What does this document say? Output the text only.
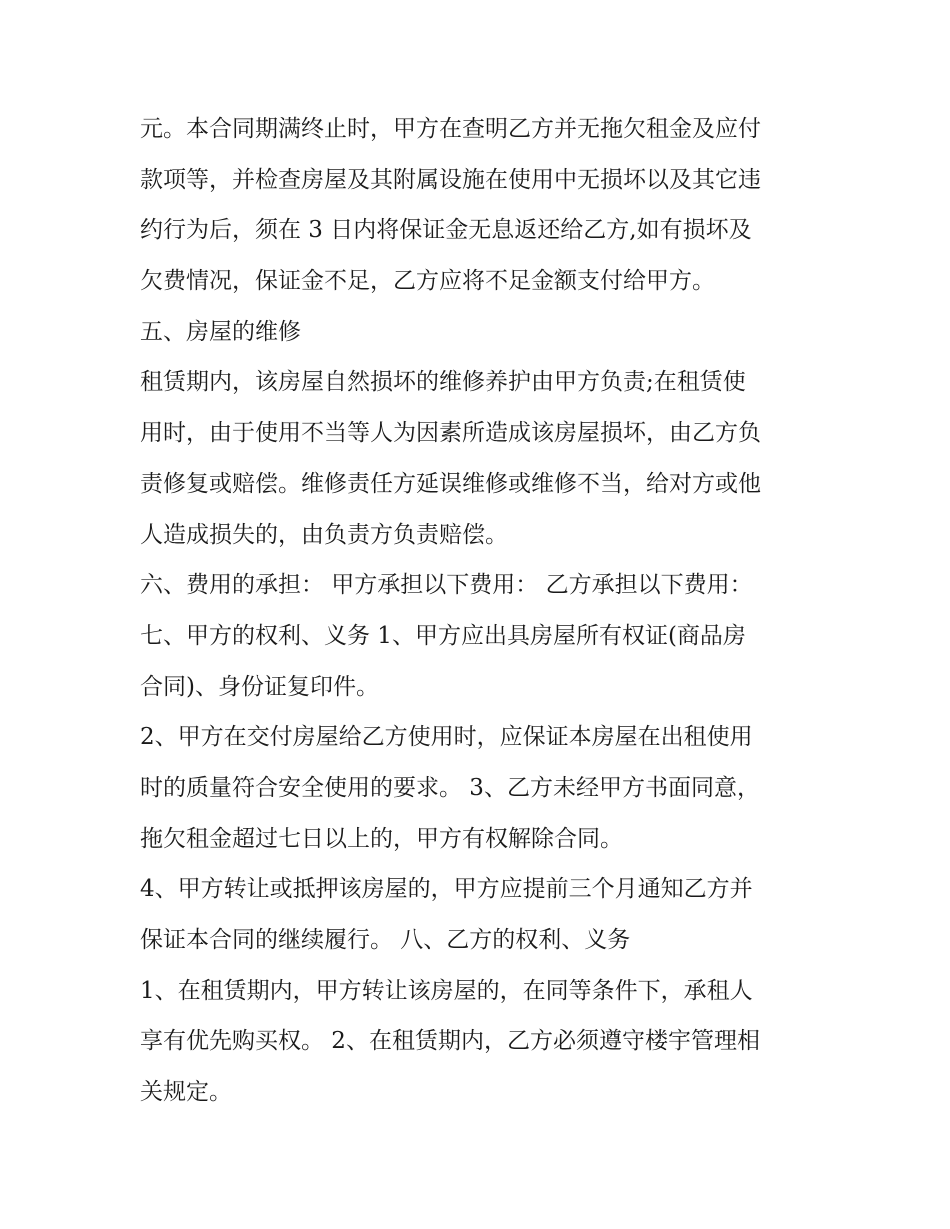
元。本合同期满终止时，甲方在查明乙方并无拖欠租金及应付

款项等，并检查房屋及其附属设施在使用中无损坏以及其它违

约行为后，须在 3 日内将保证金无息返还给乙方,如有损坏及

欠费情况，保证金不足，乙方应将不足金额支付给甲方。

五、房屋的维修

租赁期内，该房屋自然损坏的维修养护由甲方负责;在租赁使

用时，由于使用不当等人为因素所造成该房屋损坏，由乙方负

责修复或赔偿。维修责任方延误维修或维修不当，给对方或他

人造成损失的，由负责方负责赔偿。

六、费用的承担： 甲方承担以下费用： 乙方承担以下费用：

七、甲方的权利、义务 1、甲方应出具房屋所有权证(商品房

合同)、身份证复印件。

2、甲方在交付房屋给乙方使用时，应保证本房屋在出租使用

时的质量符合安全使用的要求。 3、乙方未经甲方书面同意，

拖欠租金超过七日以上的，甲方有权解除合同。

4、甲方转让或抵押该房屋的，甲方应提前三个月通知乙方并

保证本合同的继续履行。 八、乙方的权利、义务

1、在租赁期内，甲方转让该房屋的，在同等条件下，承租人

享有优先购买权。 2、在租赁期内，乙方必须遵守楼宇管理相

关规定。
